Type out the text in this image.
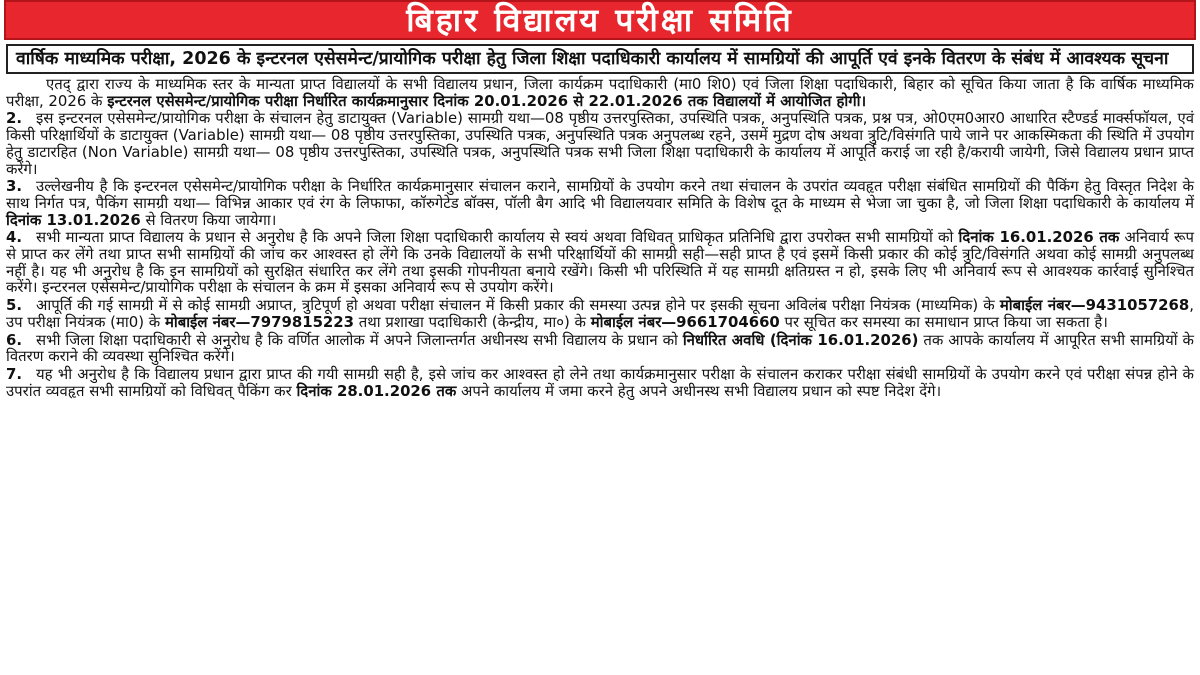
बिहार विद्यालय परीक्षा समिति
वार्षिक माध्यमिक परीक्षा, 2026 के इन्टरनल एसेसमेन्ट/प्रायोगिक परीक्षा हेतु जिला शिक्षा पदाधिकारी कार्यालय में सामग्रियों की आपूर्ति एवं इनके वितरण के संबंध में आवश्यक सूचना

एतद् द्वारा राज्य के माध्यमिक स्तर के मान्यता प्राप्त विद्यालयों के सभी विद्यालय प्रधान, जिला कार्यक्रम पदाधिकारी (मा0 शि0) एवं जिला शिक्षा पदाधिकारी, बिहार को सूचित किया जाता है कि वार्षिक माध्यमिक परीक्षा, 2026 के इन्टरनल एसेसमेन्ट/प्रायोगिक परीक्षा निर्धारित कार्यक्रमानुसार दिनांक 20.01.2026 से 22.01.2026 तक विद्यालयों में आयोजित होगी।

2. इस इन्टरनल एसेसमेन्ट/प्रायोगिक परीक्षा के संचालन हेतु डाटायुक्त (Variable) सामग्री यथा—08 पृष्ठीय उत्तरपुस्तिका, उपस्थिति पत्रक, अनुपस्थिति पत्रक, प्रश्न पत्र, ओ0एम0आर0 आधारित स्टैण्डर्ड मार्क्सफॉयल, एवं किसी परिक्षार्थियों के डाटायुक्त (Variable) सामग्री यथा— 08 पृष्ठीय उत्तरपुस्तिका, उपस्थिति पत्रक, अनुपस्थिति पत्रक अनुपलब्ध रहने, उसमें मुद्रण दोष अथवा त्रुटि/विसंगति पाये जाने पर आकस्मिकता की स्थिति में उपयोग हेतु डाटारहित (Non Variable) सामग्री यथा— 08 पृष्ठीय उत्तरपुस्तिका, उपस्थिति पत्रक, अनुपस्थिति पत्रक सभी जिला शिक्षा पदाधिकारी के कार्यालय में आपूर्ति कराई जा रही है/करायी जायेगी, जिसे विद्यालय प्रधान प्राप्त करेंगे।

3. उल्लेखनीय है कि इन्टरनल एसेसमेन्ट/प्रायोगिक परीक्षा के निर्धारित कार्यक्रमानुसार संचालन कराने, सामग्रियों के उपयोग करने तथा संचालन के उपरांत व्यवहृत परीक्षा संबंधित सामग्रियों की पैकिंग हेतु विस्तृत निदेश के साथ निर्गत पत्र, पैकिंग सामग्री यथा— विभिन्न आकार एवं रंग के लिफाफा, कॉरुगेटेड बॉक्स, पॉली बैग आदि भी विद्यालयवार समिति के विशेष दूत के माध्यम से भेजा जा चुका है, जो जिला शिक्षा पदाधिकारी के कार्यालय में दिनांक 13.01.2026 से वितरण किया जायेगा।

4. सभी मान्यता प्राप्त विद्यालय के प्रधान से अनुरोध है कि अपने जिला शिक्षा पदाधिकारी कार्यालय से स्वयं अथवा विधिवत् प्राधिकृत प्रतिनिधि द्वारा उपरोक्त सभी सामग्रियों को दिनांक 16.01.2026 तक अनिवार्य रूप से प्राप्त कर लेंगे तथा प्राप्त सभी सामग्रियों की जांच कर आश्वस्त हो लेंगे कि उनके विद्यालयों के सभी परिक्षार्थियों की सामग्री सही—सही प्राप्त है एवं इसमें किसी प्रकार की कोई त्रुटि/विसंगति अथवा कोई सामग्री अनुपलब्ध नहीं है। यह भी अनुरोध है कि इन सामग्रियों को सुरक्षित संधारित कर लेंगे तथा इसकी गोपनीयता बनाये रखेंगे। किसी भी परिस्थिति में यह सामग्री क्षतिग्रस्त न हो, इसके लिए भी अनिवार्य रूप से आवश्यक कार्रवाई सुनिश्चित करेंगे। इन्टरनल एसेसमेन्ट/प्रायोगिक परीक्षा के संचालन के क्रम में इसका अनिवार्य रूप से उपयोग करेंगे।

5. आपूर्ति की गई सामग्री में से कोई सामग्री अप्राप्त, त्रुटिपूर्ण हो अथवा परीक्षा संचालन में किसी प्रकार की समस्या उत्पन्न होने पर इसकी सूचना अविलंब परीक्षा नियंत्रक (माध्यमिक) के मोबाईल नंबर—9431057268, उप परीक्षा नियंत्रक (मा0) के मोबाईल नंबर—7979815223 तथा प्रशाखा पदाधिकारी (केन्द्रीय, मा०) के मोबाईल नंबर—9661704660 पर सूचित कर समस्या का समाधान प्राप्त किया जा सकता है।

6. सभी जिला शिक्षा पदाधिकारी से अनुरोध है कि वर्णित आलोक में अपने जिलान्तर्गत अधीनस्थ सभी विद्यालय के प्रधान को निर्धारित अवधि (दिनांक 16.01.2026) तक आपके कार्यालय में आपूरित सभी सामग्रियों के वितरण कराने की व्यवस्था सुनिश्चित करेंगे।

7. यह भी अनुरोध है कि विद्यालय प्रधान द्वारा प्राप्त की गयी सामग्री सही है, इसे जांच कर आश्वस्त हो लेने तथा कार्यक्रमानुसार परीक्षा के संचालन कराकर परीक्षा संबंधी सामग्रियों के उपयोग करने एवं परीक्षा संपन्न होने के उपरांत व्यवहृत सभी सामग्रियों को विधिवत् पैकिंग कर दिनांक 28.01.2026 तक अपने कार्यालय में जमा करने हेतु अपने अधीनस्थ सभी विद्यालय प्रधान को स्पष्ट निदेश देंगे।
